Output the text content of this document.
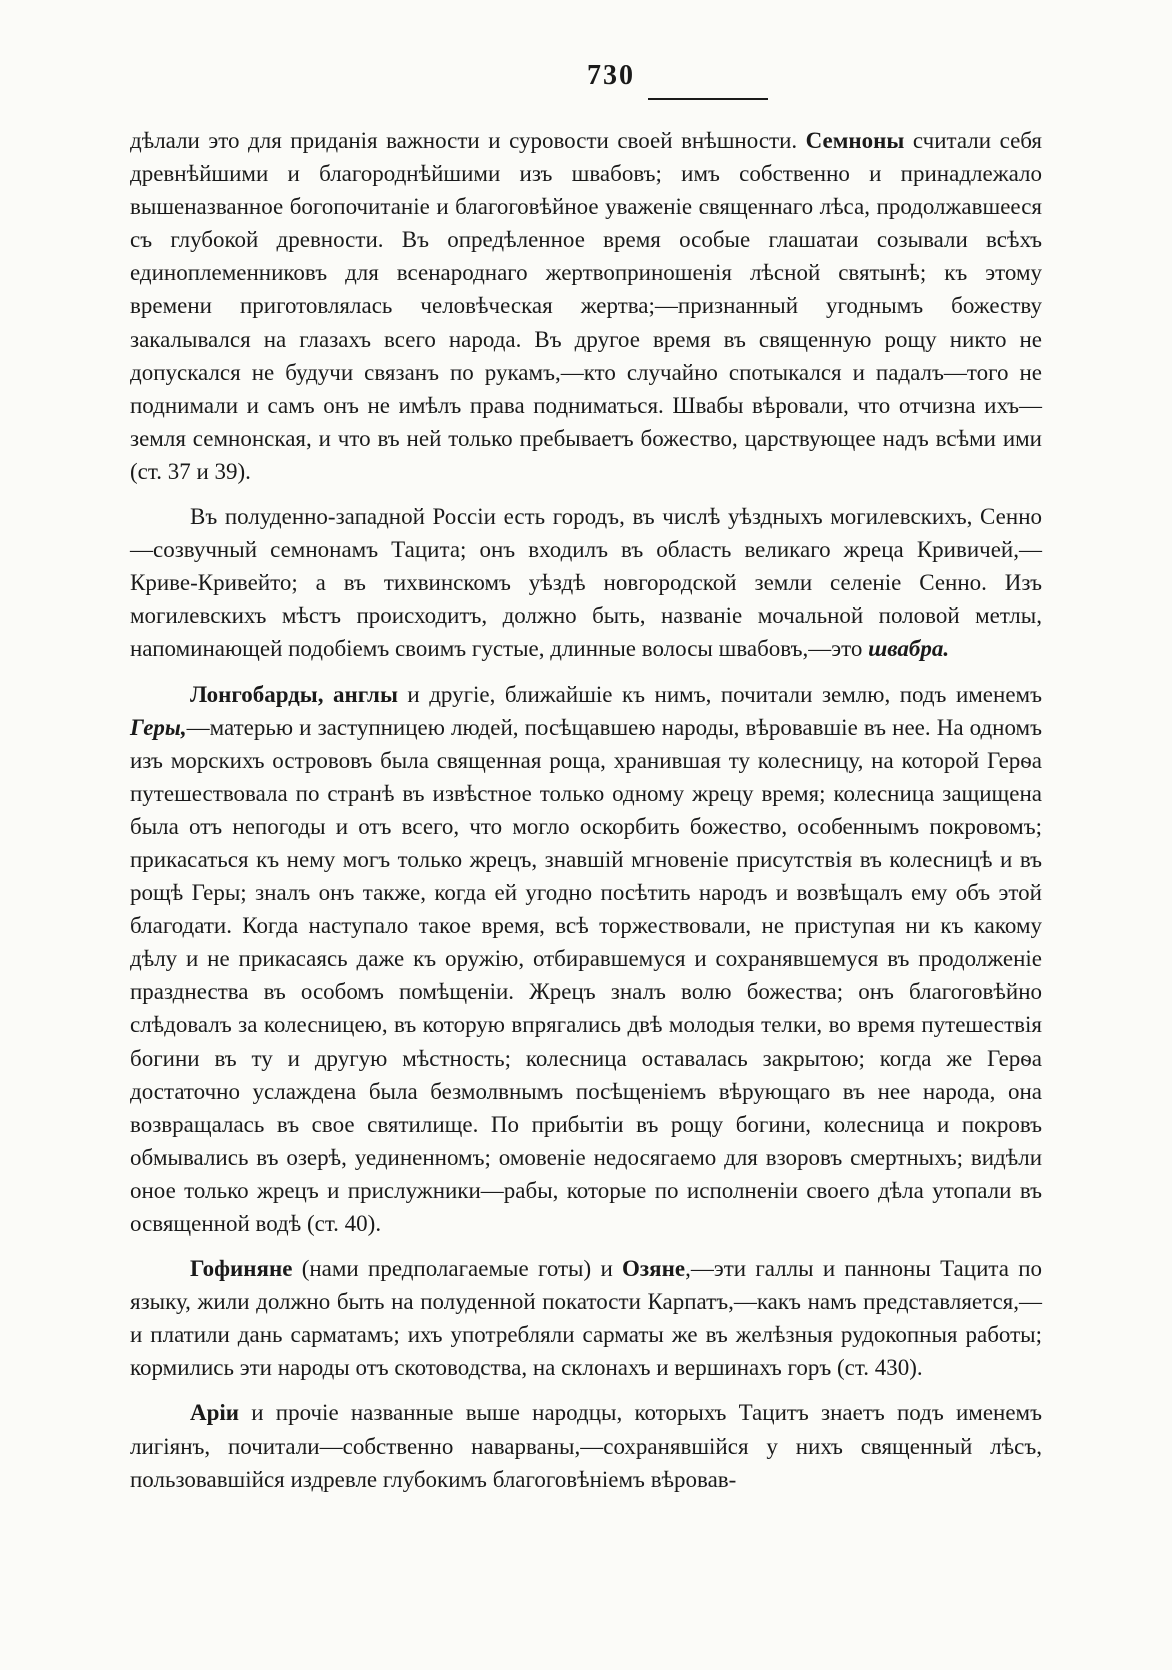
730

дѣлали это для приданія важности и суровости своей внѣшности. Семноны считали себя древнѣйшими и благороднѣйшими изъ швабовъ; имъ собственно и принадлежало вышеназванное богопочитаніе и благоговѣйное уваженіе священнаго лѣса, продолжавшееся съ глубокой древности. Въ опредѣленное время особые глашатаи созывали всѣхъ единоплеменниковъ для всенароднаго жертвоприношенія лѣсной святынѣ; къ этому времени приготовлялась человѣческая жертва;—признанный угоднымъ божеству закалывался на глазахъ всего народа. Въ другое время въ священную рощу никто не допускался не будучи связанъ по рукамъ,—кто случайно спотыкался и падалъ—того не поднимали и самъ онъ не имѣлъ права подниматься. Швабы вѣровали, что отчизна ихъ—земля семнонская, и что въ ней только пребываетъ божество, царствующее надъ всѣми ими (ст. 37 и 39).

Въ полуденно-западной Россіи есть городъ, въ числѣ уѣздныхъ могилевскихъ, Сенно—созвучный семнонамъ Тацита; онъ входилъ въ область великаго жреца Кривичей,—Криве-Кривейто; а въ тихвинскомъ уѣздѣ новгородской земли селеніе Сенно. Изъ могилевскихъ мѣстъ происходитъ, должно быть, названіе мочальной половой метлы, напоминающей подобіемъ своимъ густые, длинные волосы швабовъ,—это швабра.

Лонгобарды, англы и другіе, ближайшіе къ нимъ, почитали землю, подъ именемъ Геры,—матерью и заступницею людей, посѣщавшею народы, вѣровавшіе въ нее. На одномъ изъ морскихъ острововъ была священная роща, хранившая ту колесницу, на которой Герѳа путешествовала по странѣ въ извѣстное только одному жрецу время; колесница защищена была отъ непогоды и отъ всего, что могло оскорбить божество, особеннымъ покровомъ; прикасаться къ нему могъ только жрецъ, знавшій мгновеніе присутствія въ колесницѣ и въ рощѣ Геры; зналъ онъ также, когда ей угодно посѣтить народъ и возвѣщалъ ему объ этой благодати. Когда наступало такое время, всѣ торжествовали, не приступая ни къ какому дѣлу и не прикасаясь даже къ оружію, отбиравшемуся и сохранявшемуся въ продолженіе празднества въ особомъ помѣщеніи. Жрецъ зналъ волю божества; онъ благоговѣйно слѣдовалъ за колесницею, въ которую впрягались двѣ молодыя телки, во время путешествія богини въ ту и другую мѣстность; колесница оставалась закрытою; когда же Герѳа достаточно услаждена была безмолвнымъ посѣщеніемъ вѣрующаго въ нее народа, она возвращалась въ свое святилище. По прибытіи въ рощу богини, колесница и покровъ обмывались въ озерѣ, уединенномъ; омовеніе недосягаемо для взоровъ смертныхъ; видѣли оное только жрецъ и прислужники—рабы, которые по исполненіи своего дѣла утопали въ освященной водѣ (ст. 40).

Гофиняне (нами предполагаемые готы) и Озяне,—эти галлы и панноны Тацита по языку, жили должно быть на полуденной покатости Карпатъ,—какъ намъ представляется,—и платили дань сарматамъ; ихъ употребляли сарматы же въ желѣзныя рудокопныя работы; кормились эти народы отъ скотоводства, на склонахъ и вершинахъ горъ (ст. 430).

Аріи и прочіе названные выше народцы, которыхъ Тацитъ знаетъ подъ именемъ лигіянъ, почитали—собственно наварваны,—сохранявшійся у нихъ священный лѣсъ, пользовавшійся издревле глубокимъ благоговѣніемъ вѣровав-
